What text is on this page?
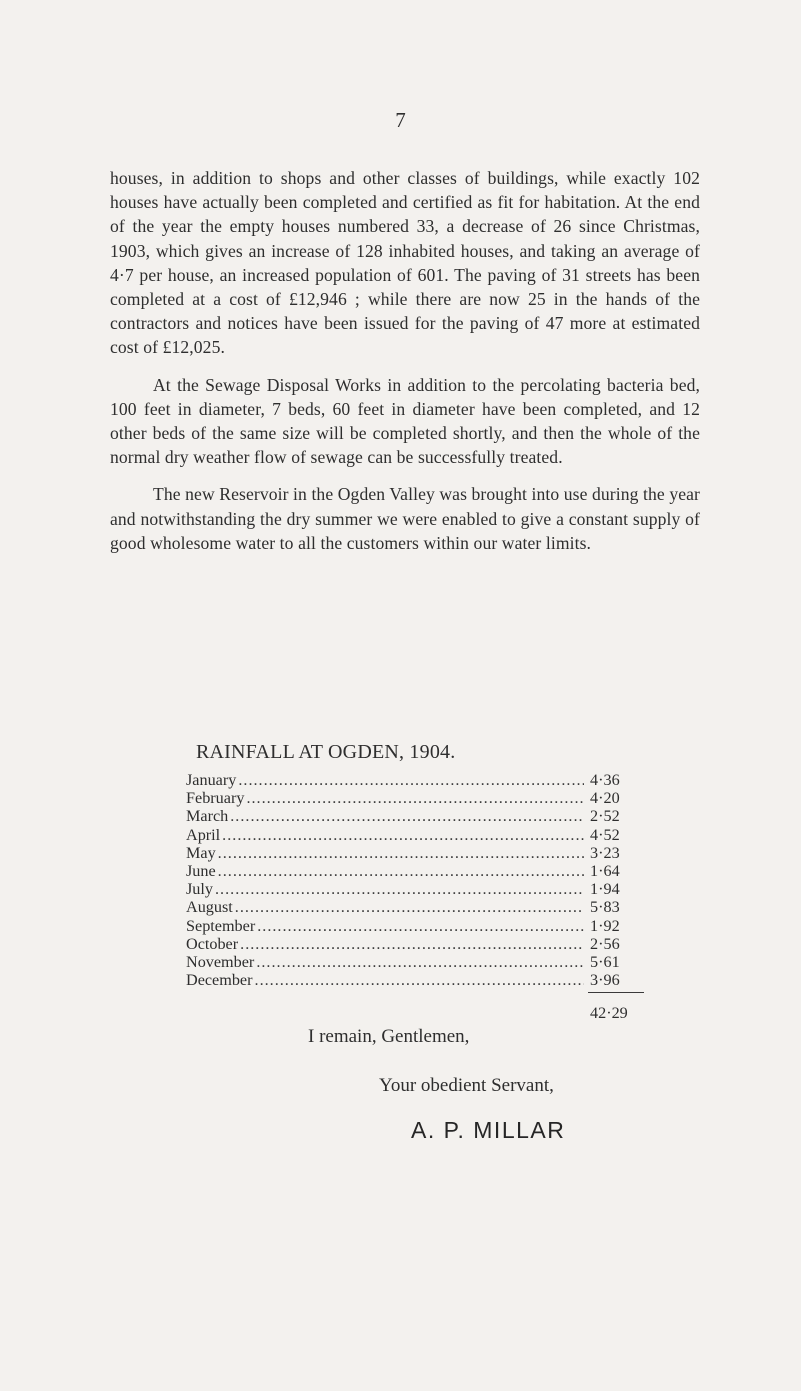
7

houses, in addition to shops and other classes of buildings, while exactly 102 houses have actually been completed and certified as fit for habitation. At the end of the year the empty houses numbered 33, a decrease of 26 since Christmas, 1903, which gives an increase of 128 inhabited houses, and taking an average of 4·7 per house, an increased population of 601. The paving of 31 streets has been completed at a cost of £12,946 ; while there are now 25 in the hands of the contractors and notices have been issued for the paving of 47 more at estimated cost of £12,025.

At the Sewage Disposal Works in addition to the percolating bacteria bed, 100 feet in diameter, 7 beds, 60 feet in diameter have been completed, and 12 other beds of the same size will be completed shortly, and then the whole of the normal dry weather flow of sewage can be successfully treated.

The new Reservoir in the Ogden Valley was brought into use during the year and notwithstanding the dry summer we were enabled to give a constant supply of good wholesome water to all the customers within our water limits.

RAINFALL AT OGDEN, 1904.
January .....	4·36
February .....	4·20
March .....	2·52
April .....	4·52
May .....	3·23
June .....	1·64
July .....	1·94
August .....	5·83
September .....	1·92
October .....	2·56
November .....	5·61
December .....	3·96
42·29
I remain, Gentlemen,
Your obedient Servant,
A. P. MILLAR
